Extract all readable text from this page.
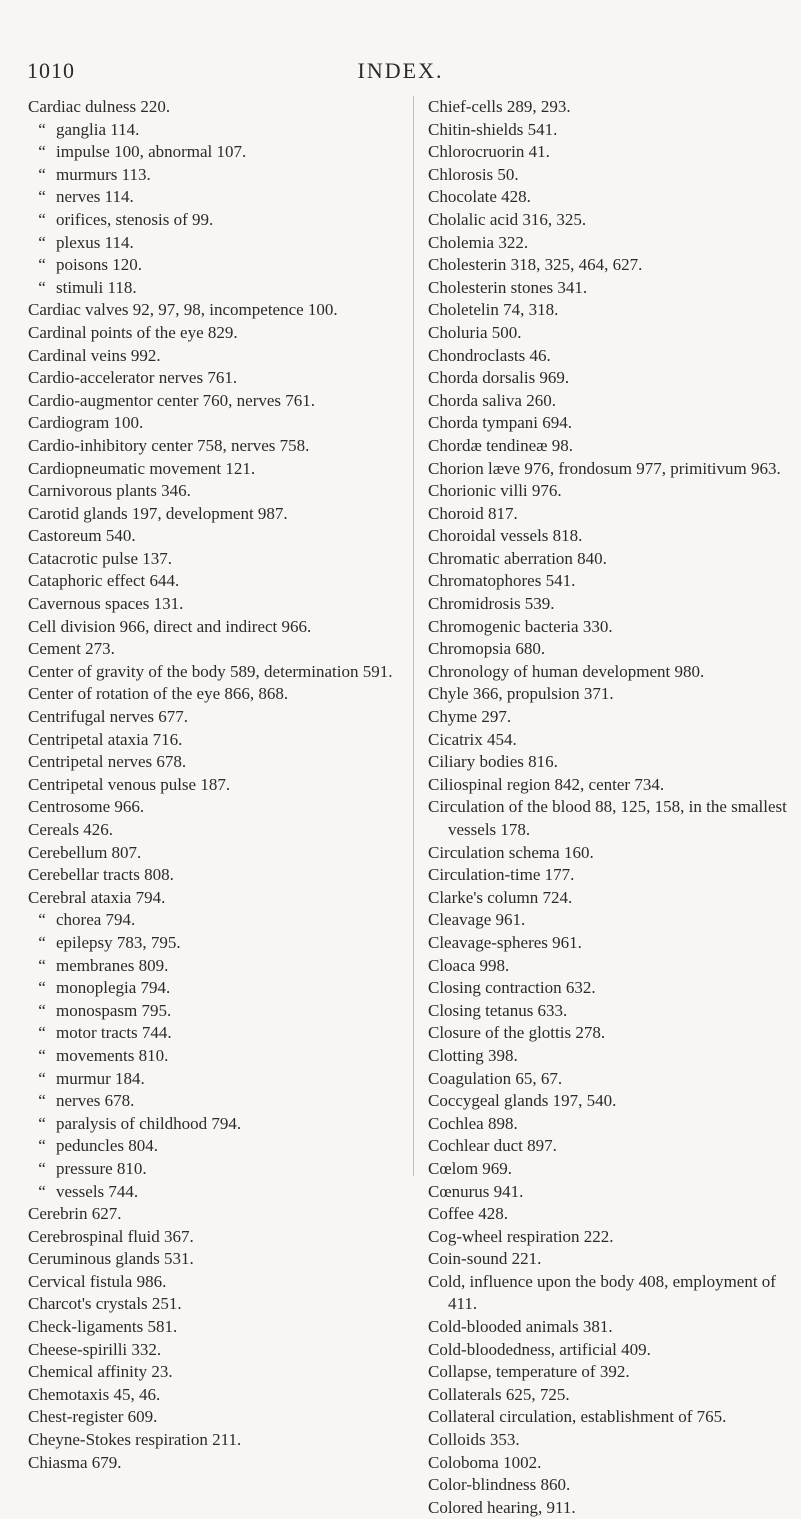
1010	INDEX.
Cardiac dulness 220.
“ ganglia 114.
“ impulse 100, abnormal 107.
“ murmurs 113.
“ nerves 114.
“ orifices, stenosis of 99.
“ plexus 114.
“ poisons 120.
“ stimuli 118.
Cardiac valves 92, 97, 98, incompetence 100.
Cardinal points of the eye 829.
Cardinal veins 992.
Cardio-accelerator nerves 761.
Cardio-augmentor center 760, nerves 761.
Cardiogram 100.
Cardio-inhibitory center 758, nerves 758.
Cardiopneumatic movement 121.
Carnivorous plants 346.
Carotid glands 197, development 987.
Castoreum 540.
Catacrotic pulse 137.
Cataphoric effect 644.
Cavernous spaces 131.
Cell division 966, direct and indirect 966.
Cement 273.
Center of gravity of the body 589, determination 591.
Center of rotation of the eye 866, 868.
Centrifugal nerves 677.
Centripetal ataxia 716.
Centripetal nerves 678.
Centripetal venous pulse 187.
Centrosome 966.
Cereals 426.
Cerebellum 807.
Cerebellar tracts 808.
Cerebral ataxia 794.
“ chorea 794.
“ epilepsy 783, 795.
“ membranes 809.
“ monoplegia 794.
“ monospasm 795.
“ motor tracts 744.
“ movements 810.
“ murmur 184.
“ nerves 678.
“ paralysis of childhood 794.
“ peduncles 804.
“ pressure 810.
“ vessels 744.
Cerebrin 627.
Cerebrospinal fluid 367.
Ceruminous glands 531.
Cervical fistula 986.
Charcot's crystals 251.
Check-ligaments 581.
Cheese-spirilli 332.
Chemical affinity 23.
Chemotaxis 45, 46.
Chest-register 609.
Cheyne-Stokes respiration 211.
Chiasma 679.
Chief-cells 289, 293.
Chitin-shields 541.
Chlorocruorin 41.
Chlorosis 50.
Chocolate 428.
Cholalic acid 316, 325.
Cholemia 322.
Cholesterin 318, 325, 464, 627.
Cholesterin stones 341.
Choletelin 74, 318.
Choluria 500.
Chondroclasts 46.
Chorda dorsalis 969.
Chorda saliva 260.
Chorda tympani 694.
Chordæ tendineæ 98.
Chorion læve 976, frondosum 977, primitivum 963.
Chorionic villi 976.
Choroid 817.
Choroidal vessels 818.
Chromatic aberration 840.
Chromatophores 541.
Chromidrosis 539.
Chromogenic bacteria 330.
Chromopsia 680.
Chronology of human development 980.
Chyle 366, propulsion 371.
Chyme 297.
Cicatrix 454.
Ciliary bodies 816.
Ciliospinal region 842, center 734.
Circulation of the blood 88, 125, 158, in the smallest vessels 178.
Circulation schema 160.
Circulation-time 177.
Clarke's column 724.
Cleavage 961.
Cleavage-spheres 961.
Cloaca 998.
Closing contraction 632.
Closing tetanus 633.
Closure of the glottis 278.
Clotting 398.
Coagulation 65, 67.
Coccygeal glands 197, 540.
Cochlea 898.
Cochlear duct 897.
Cœlom 969.
Cœnurus 941.
Coffee 428.
Cog-wheel respiration 222.
Coin-sound 221.
Cold, influence upon the body 408, employment of 411.
Cold-blooded animals 381.
Cold-bloodedness, artificial 409.
Collapse, temperature of 392.
Collaterals 625, 725.
Collateral circulation, establishment of 765.
Colloids 353.
Coloboma 1002.
Color-blindness 860.
Colored hearing, 911.
